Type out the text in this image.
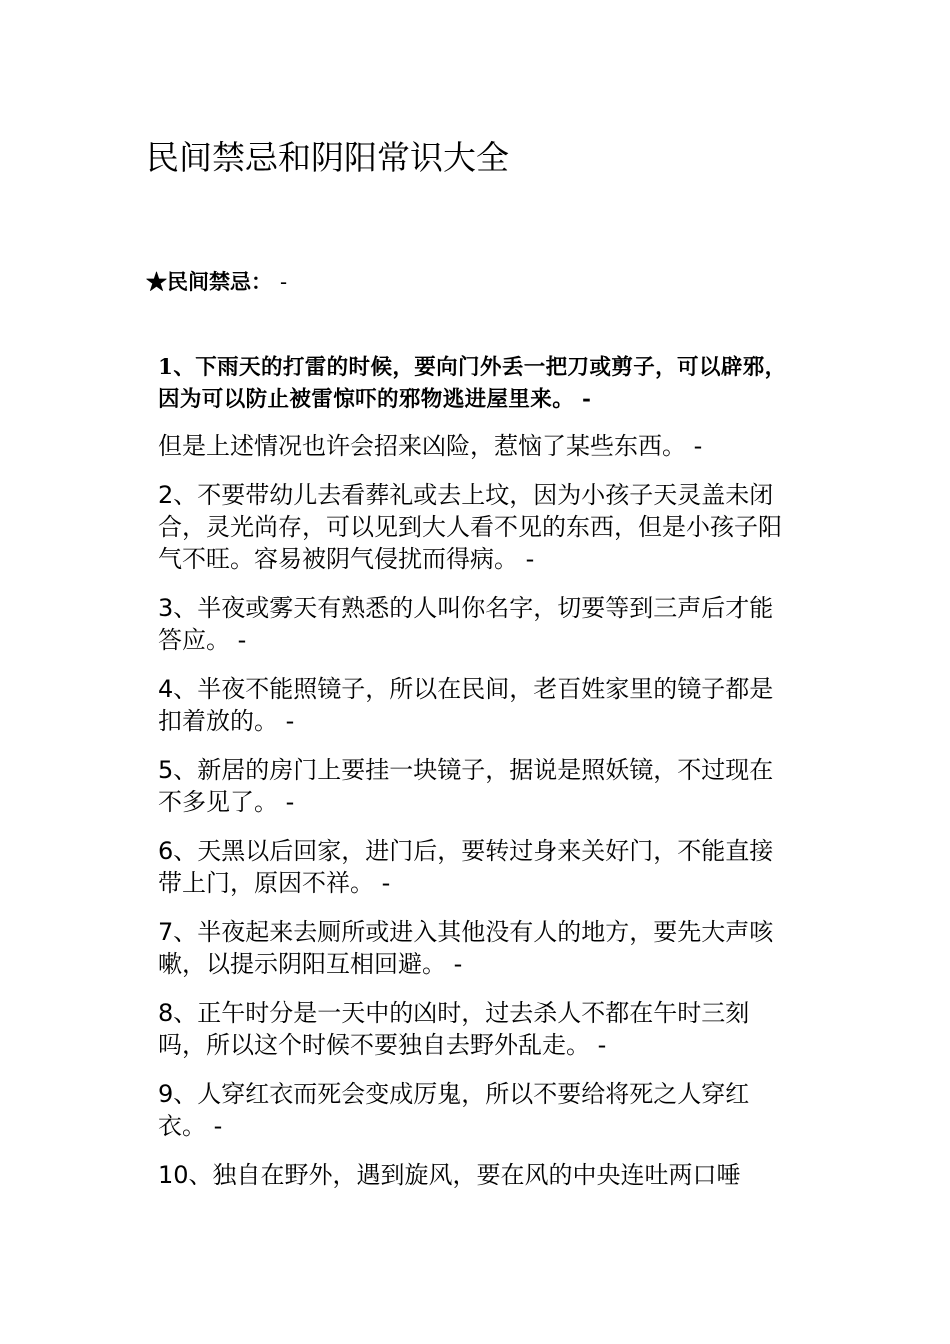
民间禁忌和阴阳常识大全
★民间禁忌： -

1、下雨天的打雷的时候，要向门外丢一把刀或剪子，可以辟邪，因为可以防止被雷惊吓的邪物逃进屋里来。 -

但是上述情况也许会招来凶险，惹恼了某些东西。 -

2、不要带幼儿去看葬礼或去上坟，因为小孩子天灵盖未闭合，灵光尚存，可以见到大人看不见的东西，但是小孩子阳气不旺。容易被阴气侵扰而得病。 -

3、半夜或雾天有熟悉的人叫你名字，切要等到三声后才能答应。 -

4、半夜不能照镜子，所以在民间，老百姓家里的镜子都是扣着放的。 -

5、新居的房门上要挂一块镜子，据说是照妖镜，不过现在不多见了。 -

6、天黑以后回家，进门后，要转过身来关好门，不能直接带上门，原因不祥。 -

7、半夜起来去厕所或进入其他没有人的地方，要先大声咳嗽，以提示阴阳互相回避。 -

8、正午时分是一天中的凶时，过去杀人不都在午时三刻吗，所以这个时候不要独自去野外乱走。 -

9、人穿红衣而死会变成厉鬼，所以不要给将死之人穿红衣。 -

10、独自在野外，遇到旋风，要在风的中央连吐两口唾
